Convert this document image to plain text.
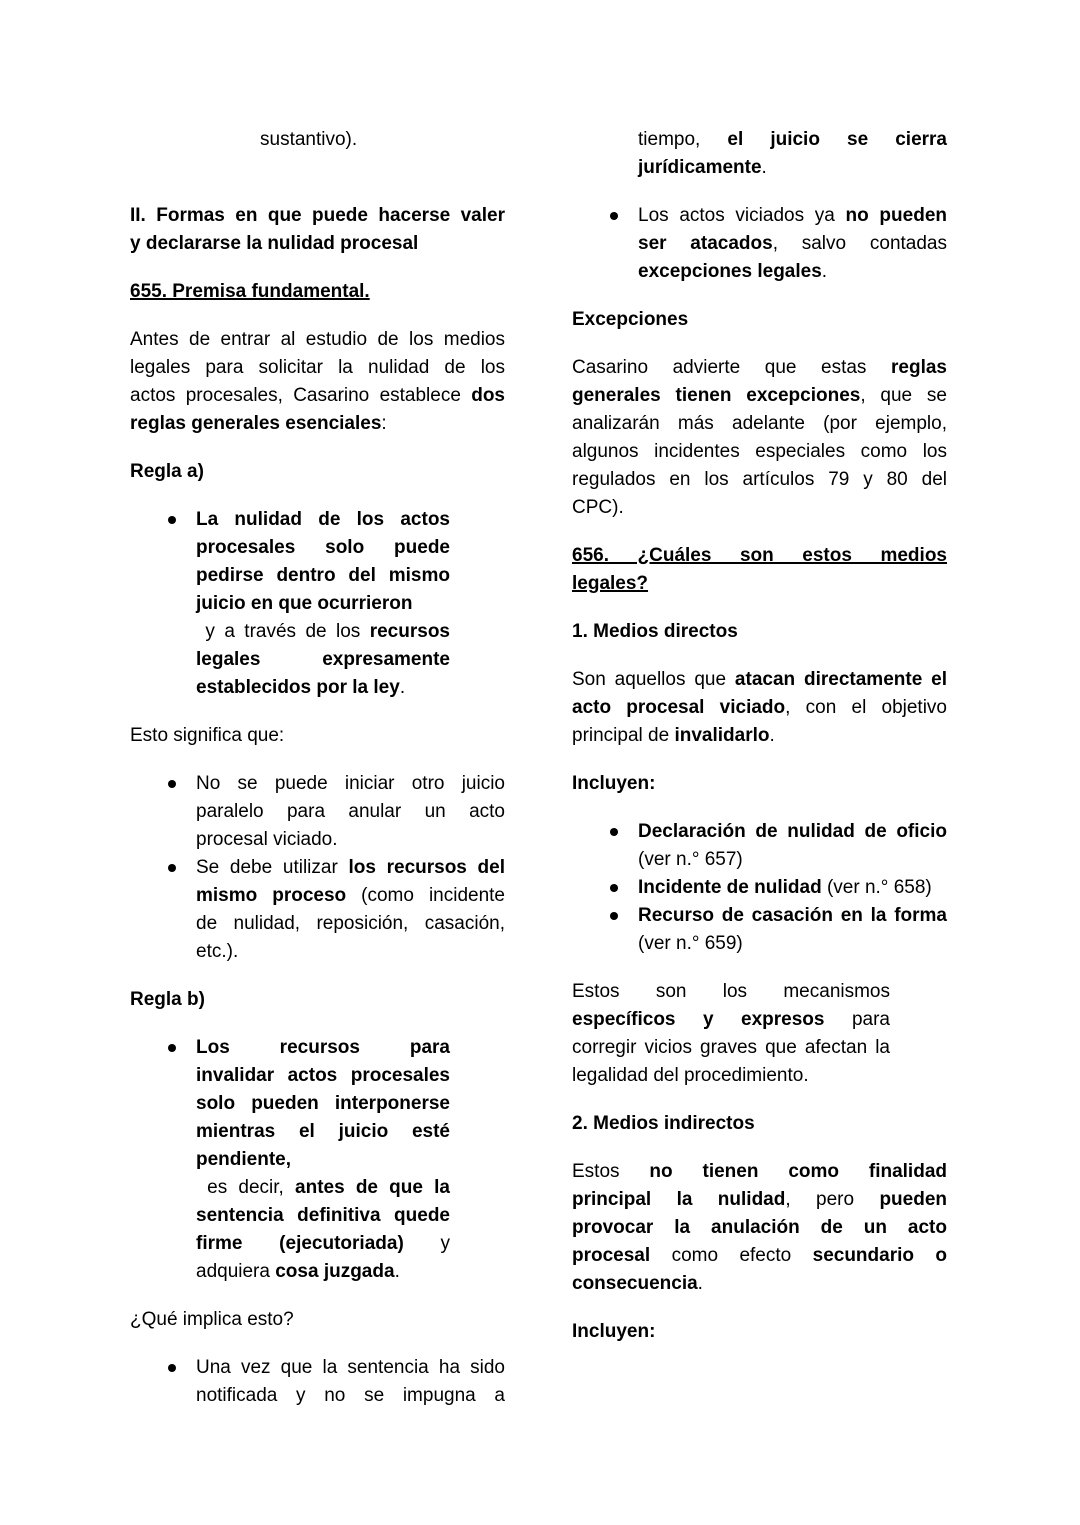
sustantivo).
II. Formas en que puede hacerse valer
y declararse la nulidad procesal
655. Premisa fundamental.
Antes de entrar al estudio de los medios
legales para solicitar la nulidad de los
actos procesales, Casarino establece dos
reglas generales esenciales:
Regla a)
La nulidad de los actos
procesales solo puede
pedirse dentro del mismo
juicio en que ocurrieron
y a través de los recursos
legales expresamente
establecidos por la ley.
Esto significa que:
No se puede iniciar otro juicio
paralelo para anular un acto
procesal viciado.
Se debe utilizar los recursos del
mismo proceso (como incidente
de nulidad, reposición, casación,
etc.).
Regla b)
Los recursos para
invalidar actos procesales
solo pueden interponerse
mientras el juicio esté
pendiente,
es decir, antes de que la
sentencia definitiva quede
firme (ejecutoriada) y
adquiera cosa juzgada.
¿Qué implica esto?
Una vez que la sentencia ha sido
notificada y no se impugna a
tiempo, el juicio se cierra
jurídicamente.
Los actos viciados ya no pueden
ser atacados, salvo contadas
excepciones legales.
Excepciones
Casarino advierte que estas reglas
generales tienen excepciones, que se
analizarán más adelante (por ejemplo,
algunos incidentes especiales como los
regulados en los artículos 79 y 80 del
CPC).
656. ¿Cuáles son estos medios
legales?
1. Medios directos
Son aquellos que atacan directamente el
acto procesal viciado, con el objetivo
principal de invalidarlo.
Incluyen:
Declaración de nulidad de oficio
(ver n.° 657)
Incidente de nulidad (ver n.° 658)
Recurso de casación en la forma
(ver n.° 659)
Estos son los mecanismos
específicos y expresos para
corregir vicios graves que afectan la
legalidad del procedimiento.
2. Medios indirectos
Estos no tienen como finalidad
principal la nulidad, pero pueden
provocar la anulación de un acto
procesal como efecto secundario o
consecuencia.
Incluyen:
